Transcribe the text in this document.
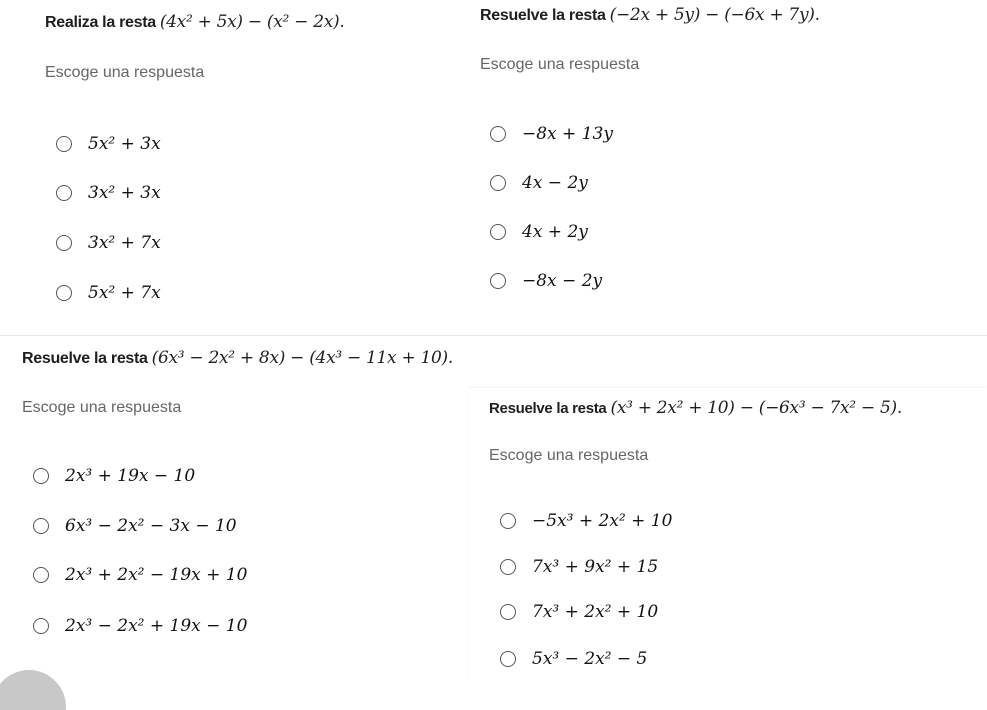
Realiza la resta (4x² + 5x) − (x² − 2x).
Escoge una respuesta
5x² + 3x
3x² + 3x
3x² + 7x
5x² + 7x
Resuelve la resta (−2x + 5y) − (−6x + 7y).
Escoge una respuesta
−8x + 13y
4x − 2y
4x + 2y
−8x − 2y
Resuelve la resta (6x³ − 2x² + 8x) − (4x³ − 11x + 10).
Escoge una respuesta
2x³ + 19x − 10
6x³ − 2x² − 3x − 10
2x³ + 2x² − 19x + 10
2x³ − 2x² + 19x − 10
Resuelve la resta (x³ + 2x² + 10) − (−6x³ − 7x² − 5).
Escoge una respuesta
−5x³ + 2x² + 10
7x³ + 9x² + 15
7x³ + 2x² + 10
5x³ − 2x² − 5
